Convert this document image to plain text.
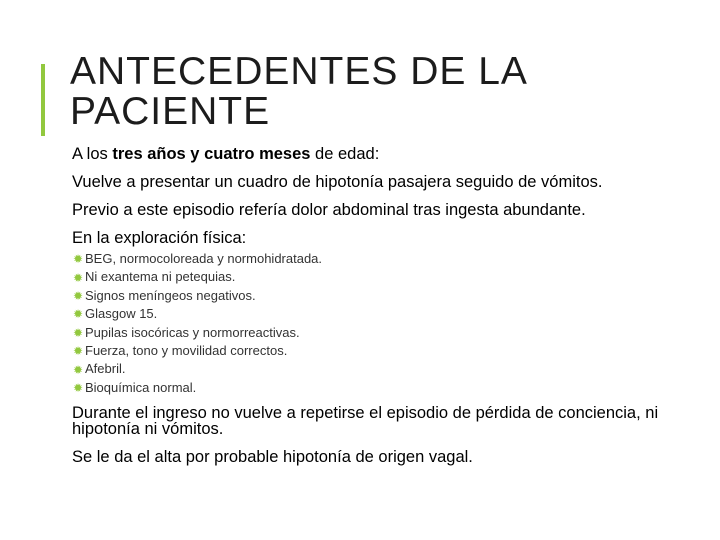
ANTECEDENTES DE LA
PACIENTE

A los tres años y cuatro meses de edad:

Vuelve a presentar un cuadro de hipotonía pasajera seguido de vómitos.

Previo a este episodio refería dolor abdominal tras ingesta abundante.

En la exploración física:

✹ BEG, normocoloreada y normohidratada.
✹ Ni exantema ni petequias.
✹ Signos meníngeos negativos.
✹ Glasgow 15.
✹ Pupilas isocóricas y normorreactivas.
✹ Fuerza, tono y movilidad correctos.
✹ Afebril.
✹ Bioquímica normal.

Durante el ingreso no vuelve a repetirse el episodio de pérdida de conciencia, ni hipotonía ni vómitos.

Se le da el alta por probable hipotonía de origen vagal.
